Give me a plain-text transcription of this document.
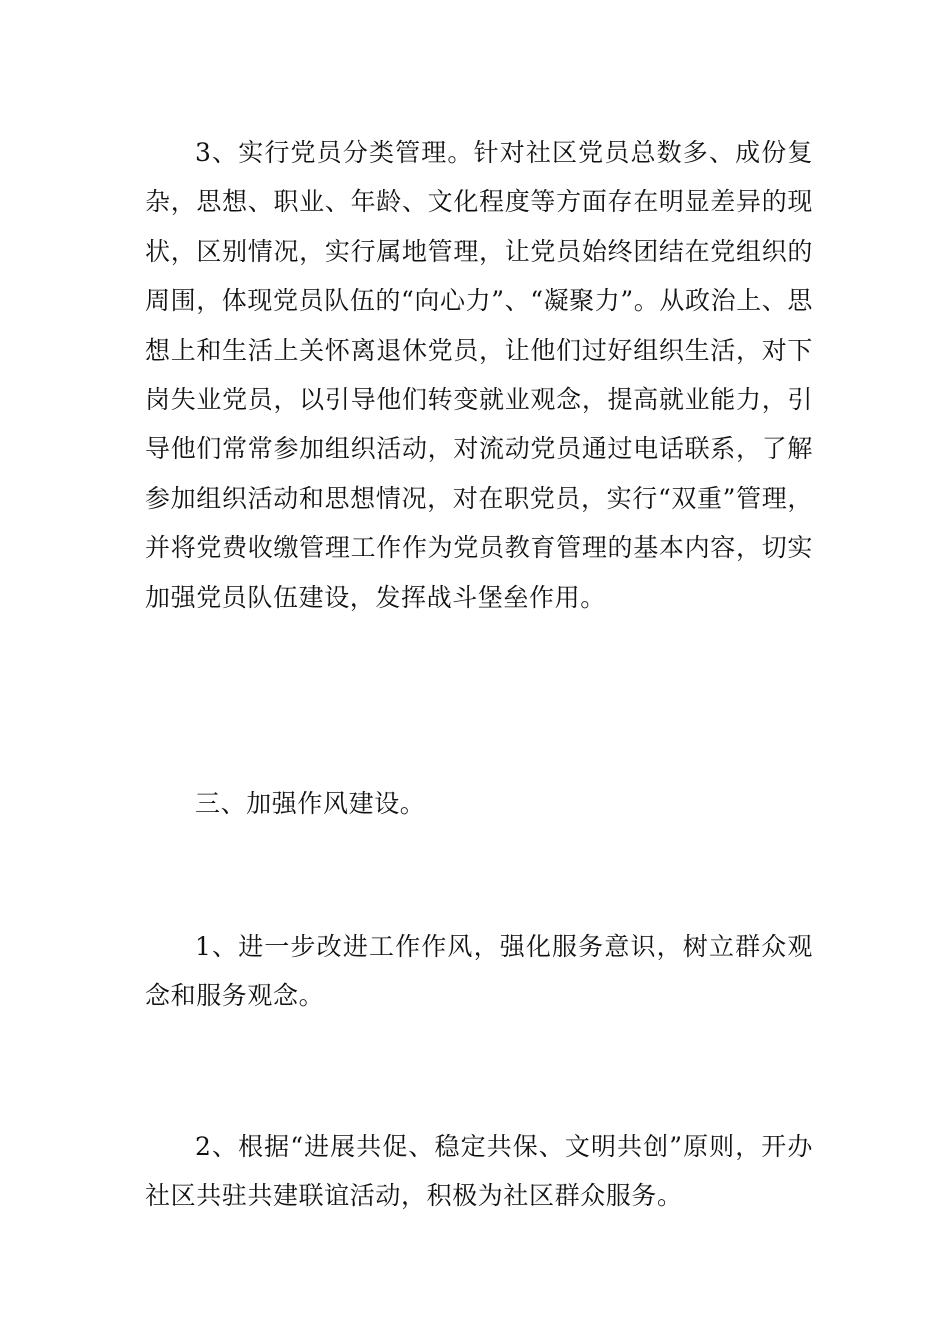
3、实行党员分类管理。针对社区党员总数多、成份复杂，思想、职业、年龄、文化程度等方面存在明显差异的现状，区别情况，实行属地管理，让党员始终团结在党组织的周围，体现党员队伍的“向心力”、“凝聚力”。从政治上、思想上和生活上关怀离退休党员，让他们过好组织生活，对下岗失业党员，以引导他们转变就业观念，提高就业能力，引导他们常常参加组织活动，对流动党员通过电话联系，了解参加组织活动和思想情况，对在职党员，实行“双重”管理，并将党费收缴管理工作作为党员教育管理的基本内容，切实加强党员队伍建设，发挥战斗堡垒作用。

三、加强作风建设。

1、进一步改进工作作风，强化服务意识，树立群众观念和服务观念。

2、根据“进展共促、稳定共保、文明共创”原则，开办社区共驻共建联谊活动，积极为社区群众服务。
